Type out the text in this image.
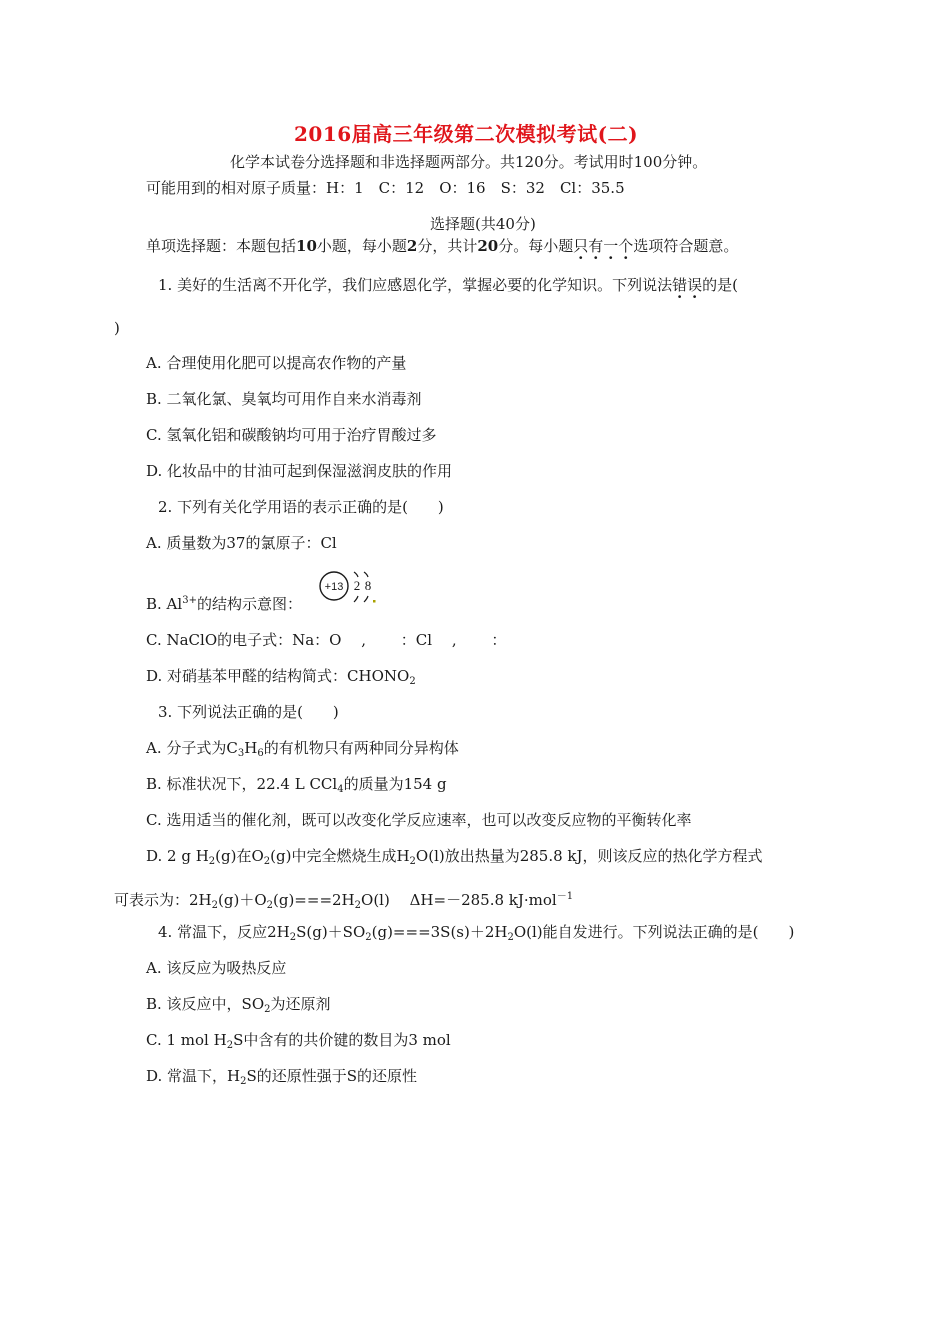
2016届高三年级第二次模拟考试(二)
化学本试卷分选择题和非选择题两部分。共120分。考试用时100分钟。
可能用到的相对原子质量：H：1　C：12　O：16　S：32　Cl：35.5
选择题(共40分)
单项选择题：本题包括10小题，每小题2分，共计20分。每小题只有一个选项符合题意。
1. 美好的生活离不开化学，我们应感恩化学，掌握必要的化学知识。下列说法错误的是(
)
A. 合理使用化肥可以提高农作物的产量
B. 二氧化氯、臭氧均可用作自来水消毒剂
C. 氢氧化铝和碳酸钠均可用于治疗胃酸过多
D. 化妆品中的甘油可起到保湿滋润皮肤的作用
2. 下列有关化学用语的表示正确的是(　　)
A. 质量数为37的氯原子：Cl
B. $Al^{3+}$的结构示意图：
+13 2 8
C. NaClO的电子式：Na：O　 ,　 　：Cl　 ,　 　：
D. 对硝基苯甲醛的结构简式：$CHONO_2$
3. 下列说法正确的是(　　)
A. 分子式为$C_3H_6$的有机物只有两种同分异构体
B. 标准状况下，22.4 L CCl$_4$的质量为154 g
C. 选用适当的催化剂，既可以改变化学反应速率，也可以改变反应物的平衡转化率
D. 2 g $H_2(g)$在$O_2(g)$中完全燃烧生成$H_2O(l)$放出热量为285.8 kJ，则该反应的热化学方程式
可表示为：$2H_2(g)+O_2(g)===2H_2O(l)$　 ΔH=－285.8 kJ·mol$^{-1}$
4. 常温下，反应$2H_2S(g)+SO_2(g)===3S(s)+2H_2O(l)$能自发进行。下列说法正确的是(　　)
A. 该反应为吸热反应
B. 该反应中，$SO_2$为还原剂
C. 1 mol $H_2S$中含有的共价键的数目为3 mol
D. 常温下，$H_2S$的还原性强于S的还原性
